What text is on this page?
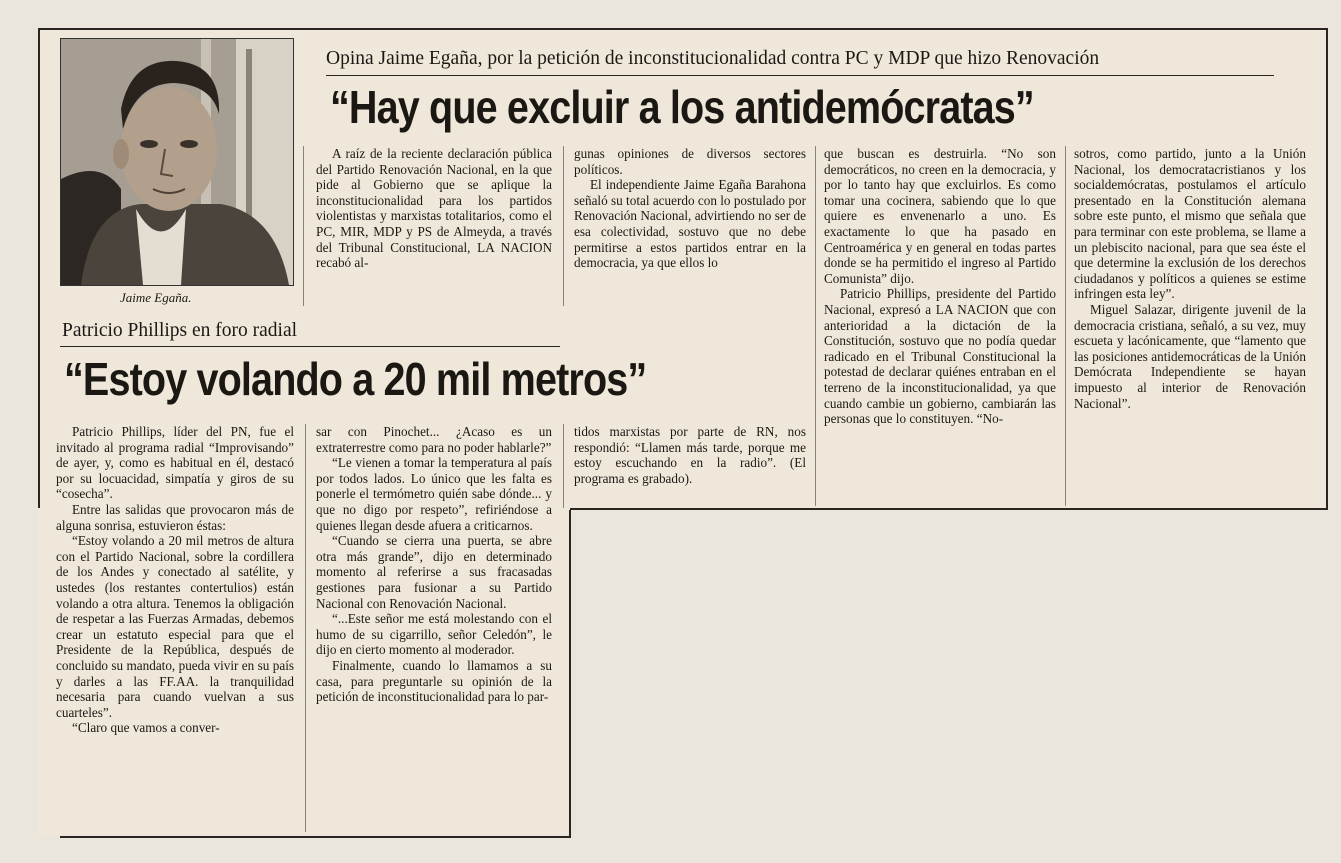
Jaime Egaña.
Opina Jaime Egaña, por la petición de inconstitucionalidad contra PC y MDP que hizo Renovación
“Hay que excluir a los antidemócratas”

A raíz de la reciente declaración pública del Partido Renovación Nacional, en la que pide al Gobierno que se aplique la inconstitucionalidad para los partidos violentistas y marxistas totalitarios, como el PC, MIR, MDP y PS de Almeyda, a través del Tribunal Constitucional, LA NACION recabó al-

gunas opiniones de diversos sectores políticos.

El independiente Jaime Egaña Barahona señaló su total acuerdo con lo postulado por Renovación Nacional, advirtiendo no ser de esa colectividad, sostuvo que no debe permitirse a estos partidos entrar en la democracia, ya que ellos lo

que buscan es destruirla. “No son democráticos, no creen en la democracia, y por lo tanto hay que excluirlos. Es como tomar una cocinera, sabiendo que lo que quiere es envenenarlo a uno. Es exactamente lo que ha pasado en Centroamérica y en general en todas partes donde se ha permitido el ingreso al Partido Comunista” dijo.

Patricio Phillips, presidente del Partido Nacional, expresó a LA NACION que con anterioridad a la dictación de la Constitución, sostuvo que no podía quedar radicado en el Tribunal Constitucional la potestad de declarar quiénes entraban en el terreno de la inconstitucionalidad, ya que cuando cambie un gobierno, cambiarán las personas que lo constituyen. “No-

sotros, como partido, junto a la Unión Nacional, los democratacristianos y los socialdemócratas, postulamos el artículo presentado en la Constitución alemana sobre este punto, el mismo que señala que para terminar con este problema, se llame a un plebiscito nacional, para que sea éste el que determine la exclusión de los derechos ciudadanos y políticos a quienes se estime infringen esta ley”.

Miguel Salazar, dirigente juvenil de la democracia cristiana, señaló, a su vez, muy escueta y lacónicamente, que “lamento que las posiciones antidemocráticas de la Unión Demócrata Independiente se hayan impuesto al interior de Renovación Nacional”.

Patricio Phillips en foro radial
“Estoy volando a 20 mil metros”

Patricio Phillips, líder del PN, fue el invitado al programa radial “Improvisando” de ayer, y, como es habitual en él, destacó por su locuacidad, simpatía y giros de su “cosecha”.

Entre las salidas que provocaron más de alguna sonrisa, estuvieron éstas:

“Estoy volando a 20 mil metros de altura con el Partido Nacional, sobre la cordillera de los Andes y conectado al satélite, y ustedes (los restantes contertulios) están volando a otra altura. Tenemos la obligación de respetar a las Fuerzas Armadas, debemos crear un estatuto especial para que el Presidente de la República, después de concluido su mandato, pueda vivir en su país y darles a las FF.AA. la tranquilidad necesaria para cuando vuelvan a sus cuarteles”.

“Claro que vamos a conver-

sar con Pinochet... ¿Acaso es un extraterrestre como para no poder hablarle?”

“Le vienen a tomar la temperatura al país por todos lados. Lo único que les falta es ponerle el termómetro quién sabe dónde... y que no digo por respeto”, refiriéndose a quienes llegan desde afuera a criticarnos.

“Cuando se cierra una puerta, se abre otra más grande”, dijo en determinado momento al referirse a sus fracasadas gestiones para fusionar a su Partido Nacional con Renovación Nacional.

“...Este señor me está molestando con el humo de su cigarrillo, señor Celedón”, le dijo en cierto momento al moderador.

Finalmente, cuando lo llamamos a su casa, para preguntarle su opinión de la petición de inconstitucionalidad para lo par-

tidos marxistas por parte de RN, nos respondió: “Llamen más tarde, porque me estoy escuchando en la radio”. (El programa es grabado).
